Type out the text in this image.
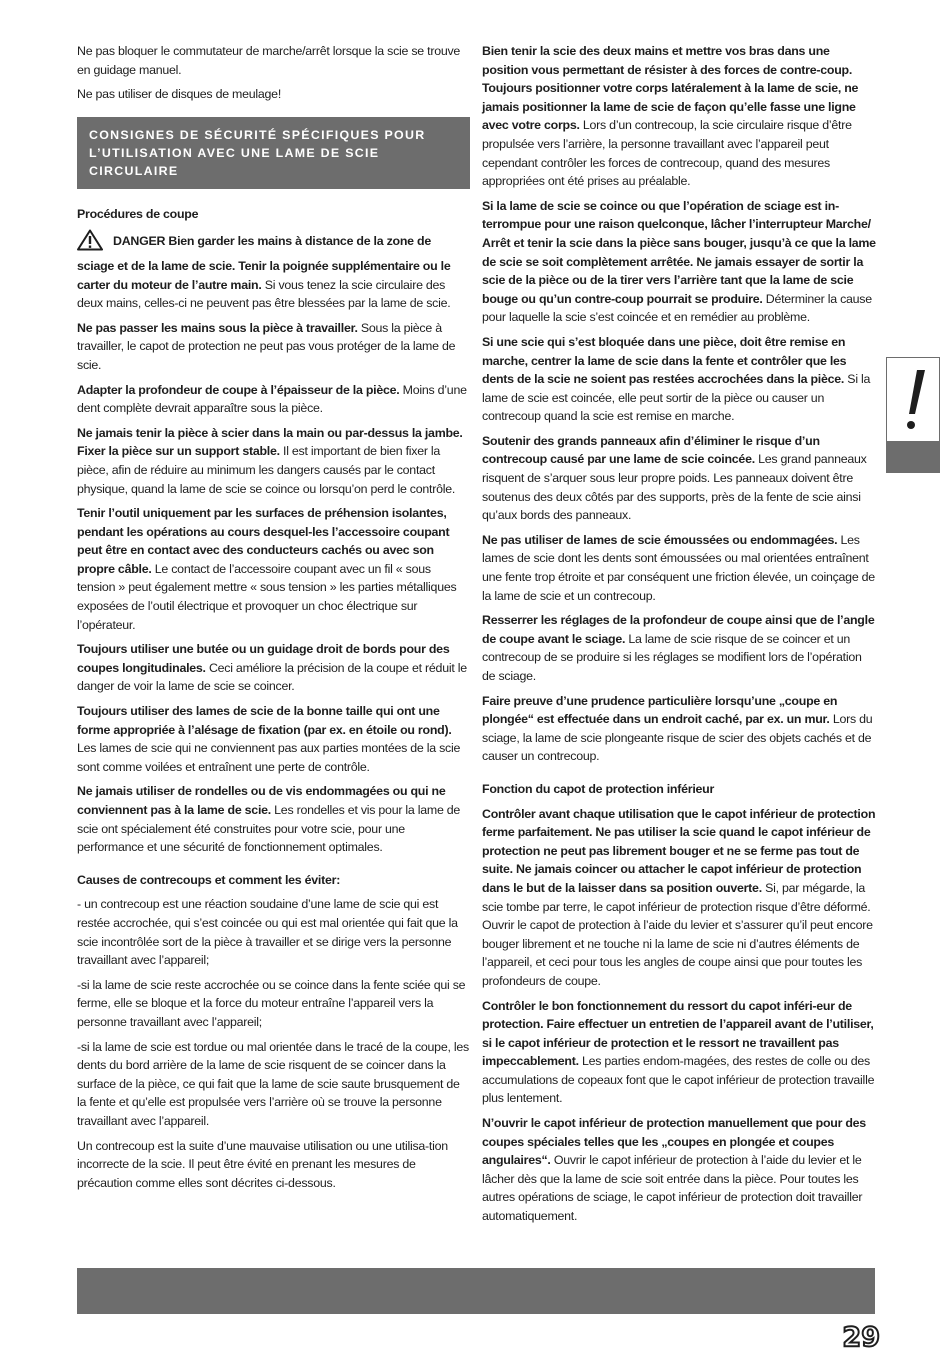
Ne pas bloquer le commutateur de marche/arrêt lorsque la scie se trouve en guidage manuel.

Ne pas utiliser de disques de meulage!

CONSIGNES DE SÉCURITÉ SPÉCIFIQUES POUR L’UTILISATION AVEC UNE LAME DE SCIE CIRCULAIRE
Procédures de coupe

DANGER Bien garder les mains à distance de la zone de sciage et de la lame de scie. Tenir la poignée supplémentaire ou le carter du moteur de l’autre main. Si vous tenez la scie circulaire des deux mains, celles-ci ne peuvent pas être blessées par la lame de scie.

Ne pas passer les mains sous la pièce à travailler. Sous la pièce à travailler, le capot de protection ne peut pas vous protéger de la lame de scie.

Adapter la profondeur de coupe à l’épaisseur de la pièce. Moins d’une dent complète devrait apparaître sous la pièce.

Ne jamais tenir la pièce à scier dans la main ou par-dessus la jambe. Fixer la pièce sur un support stable. Il est important de bien fixer la pièce, afin de réduire au minimum les dangers causés par le contact physique, quand la lame de scie se coince ou lorsqu’on perd le contrôle.

Tenir l’outil uniquement par les surfaces de préhension isolantes, pendant les opérations au cours desquel-les l’accessoire coupant peut être en contact avec des conducteurs cachés ou avec son propre câble. Le contact de l’accessoire coupant avec un fil « sous tension » peut également mettre « sous tension » les parties métalliques exposées de l’outil électrique et provoquer un choc électrique sur l’opérateur.

Toujours utiliser une butée ou un guidage droit de bords pour des coupes longitudinales. Ceci améliore la précision de la coupe et réduit le danger de voir la lame de scie se coincer.

Toujours utiliser des lames de scie de la bonne taille qui ont une forme appropriée à l’alésage de fixation (par ex. en étoile ou rond). Les lames de scie qui ne conviennent pas aux parties montées de la scie sont comme voilées et entraînent une perte de contrôle.

Ne jamais utiliser de rondelles ou de vis endommagées ou qui ne conviennent pas à la lame de scie. Les rondelles et vis pour la lame de scie ont spécialement été construites pour votre scie, pour une performance et une sécurité de fonctionnement optimales.

Causes de contrecoups et comment les éviter:

- un contrecoup est une réaction soudaine d’une lame de scie qui est restée accrochée, qui s’est coincée ou qui est mal orientée qui fait que la scie incontrôlée sort de la pièce à travailler et se dirige vers la personne travaillant avec l’appareil;

-si la lame de scie reste accrochée ou se coince dans la fente sciée qui se ferme, elle se bloque et la force du moteur entraîne l’appareil vers la personne travaillant avec l’appareil;

-si la lame de scie est tordue ou mal orientée dans le tracé de la coupe, les dents du bord arrière de la lame de scie risquent de se coincer dans la surface de la pièce, ce qui fait que la lame de scie saute brusquement de la fente et qu’elle est propulsée vers l’arrière où se trouve la personne travaillant avec l’appareil.

Un contrecoup est la suite d’une mauvaise utilisation ou une utilisa-tion incorrecte de la scie. Il peut être évité en prenant les mesures de précaution comme elles sont décrites ci-dessous.

Bien tenir la scie des deux mains et mettre vos bras dans une position vous permettant de résister à des forces de contre-coup. Toujours positionner votre corps latéralement à la lame de scie, ne jamais positionner la lame de scie de façon qu’elle fasse une ligne avec votre corps. Lors d’un contrecoup, la scie circulaire risque d’être propulsée vers l’arrière, la personne travaillant avec l’appareil peut cependant contrôler les forces de contrecoup, quand des mesures appropriées ont été prises au préalable.

Si la lame de scie se coince ou que l’opération de sciage est in-terrompue pour une raison quelconque, lâcher l’interrupteur Marche/ Arrêt et tenir la scie dans la pièce sans bouger, jusqu’à ce que la lame de scie se soit complètement arrêtée. Ne jamais essayer de sortir la scie de la pièce ou de la tirer vers l’arrière tant que la lame de scie bouge ou qu’un contre-coup pourrait se produire. Déterminer la cause pour laquelle la scie s’est coincée et en remédier au problème.

Si une scie qui s’est bloquée dans une pièce, doit être remise en marche, centrer la lame de scie dans la fente et contrôler que les dents de la scie ne soient pas restées accrochées dans la pièce. Si la lame de scie est coincée, elle peut sortir de la pièce ou causer un contrecoup quand la scie est remise en marche.

Soutenir des grands panneaux afin d’éliminer le risque d’un contrecoup causé par une lame de scie coincée. Les grand panneaux risquent de s’arquer sous leur propre poids. Les panneaux doivent être soutenus des deux côtés par des supports, près de la fente de scie ainsi qu’aux bords des panneaux.

Ne pas utiliser de lames de scie émoussées ou endommagées. Les lames de scie dont les dents sont émoussées ou mal orientées entraînent une fente trop étroite et par conséquent une friction élevée, un coinçage de la lame de scie et un contrecoup.

Resserrer les réglages de la profondeur de coupe ainsi que de l’angle de coupe avant le sciage. La lame de scie risque de se coincer et un contrecoup de se produire si les réglages se modifient lors de l’opération de sciage.

Faire preuve d’une prudence particulière lorsqu’une „coupe en plongée“ est effectuée dans un endroit caché, par ex. un mur. Lors du sciage, la lame de scie plongeante risque de scier des objets cachés et de causer un contrecoup.

Fonction du capot de protection inférieur

Contrôler avant chaque utilisation que le capot inférieur de protection ferme parfaitement. Ne pas utiliser la scie quand le capot inférieur de protection ne peut pas librement bouger et ne se ferme pas tout de suite. Ne jamais coincer ou attacher le capot inférieur de protection dans le but de la laisser dans sa position ouverte. Si, par mégarde, la scie tombe par terre, le capot inférieur de protection risque d’être déformé. Ouvrir le capot de protection à l’aide du levier et s’assurer qu’il peut encore bouger librement et ne touche ni la lame de scie ni d’autres éléments de l’appareil, et ceci pour tous les angles de coupe ainsi que pour toutes les profondeurs de coupe.

Contrôler le bon fonctionnement du ressort du capot inféri-eur de protection. Faire effectuer un entretien de l’appareil avant de l’utiliser, si le capot inférieur de protection et le ressort ne travaillent pas impeccablement. Les parties endom-magées, des restes de colle ou des accumulations de copeaux font que le capot inférieur de protection travaille plus lentement.

N’ouvrir le capot inférieur de protection manuellement que pour des coupes spéciales telles que les „coupes en plongée et coupes angulaires“. Ouvrir le capot inférieur de protection à l’aide du levier et le lâcher dès que la lame de scie soit entrée dans la pièce. Pour toutes les autres opérations de sciage, le capot inférieur de protection doit travailler automatiquement.

29
